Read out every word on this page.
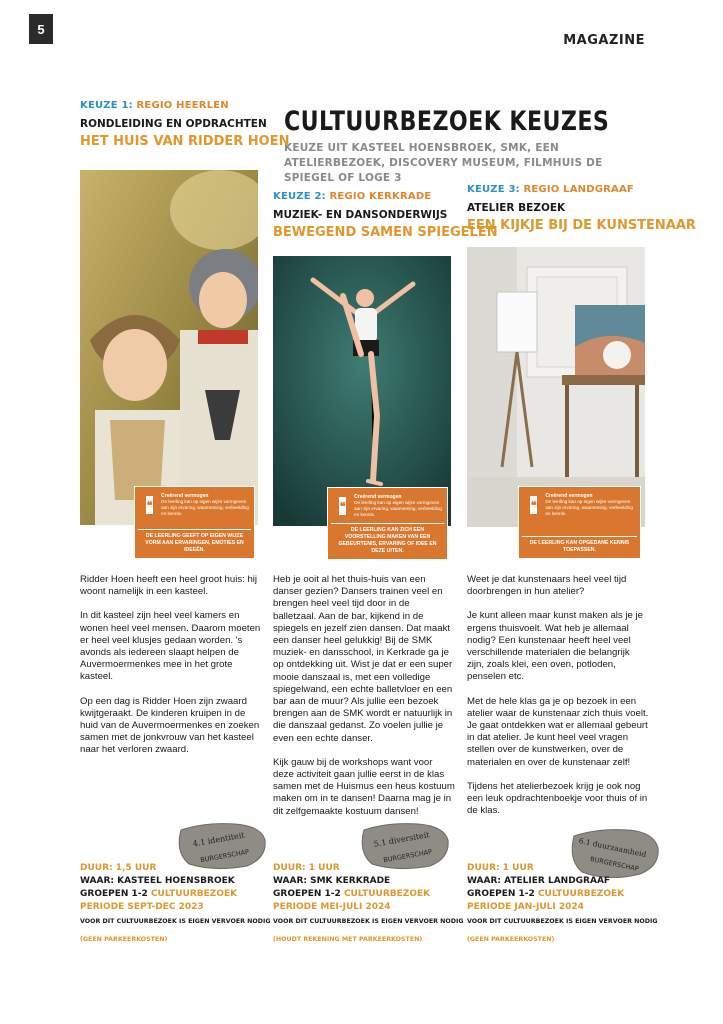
5
MAGAZINE
CULTUURBEZOEK KEUZES
KEUZE UIT KASTEEL HOENSBROEK, SMK, EEN ATELIERBEZOEK, DISCOVERY MUSEUM, FILMHUIS DE SPIEGEL OF LOGE 3
KEUZE 1: REGIO HEERLEN
RONDLEIDING EN OPDRACHTEN
HET HUIS VAN RIDDER HOEN
KEUZE 2: REGIO KERKRADE
MUZIEK- EN DANSONDERWIJS
BEWEGEND SAMEN SPIEGELEN
KEUZE 3: REGIO LANDGRAAF
ATELIER BEZOEK
EEN KIJKJE BIJ DE KUNSTENAAR
❝
Creërend vermogen
De leerling kan op eigen wijze vormgeven aan zijn ervaring, waarneming, verbeelding en kennis.
DE LEERLING GEEFT OP EIGEN WIJZE VORM AAN ERVARINGEN, EMOTIES EN IDEEËN.
❝
Creërend vermogen
De leerling kan op eigen wijze vormgeven aan zijn ervaring, waarneming, verbeelding en kennis.
DE LEERLING KAN ZICH EEN VOORSTELLING MAKEN VAN EEN GEBEURTENIS, ERVARING OF IDEE EN DEZE UITEN.
❝
Creërend vermogen
De leerling kan op eigen wijze vormgeven aan zijn ervaring, waarneming, verbeelding en kennis.
DE LEERLING KAN OPGEDANE KENNIS TOEPASSEN.

Ridder Hoen heeft een heel groot huis: hij woont namelijk in een kasteel.

In dit kasteel zijn heel veel kamers en wonen heel veel mensen. Daarom moeten er heel veel klusjes gedaan worden. 's avonds als iedereen slaapt helpen de Auvermoermenkes mee in het grote kasteel.

Op een dag is Ridder Hoen zijn zwaard kwijtgeraakt. De kinderen kruipen in de huid van de Auvermoermenkes en zoeken samen met de jonkvrouw van het kasteel naar het verloren zwaard.

Heb je ooit al het thuis-huis van een danser gezien? Dansers trainen veel en brengen heel veel tijd door in de balletzaal. Aan de bar, kijkend in de spiegels en jezelf zien dansen. Dat maakt een danser heel gelukkig! Bij de SMK muziek- en dansschool, in Kerkrade ga je op ontdekking uit. Wist je dat er een super mooie danszaal is, met een volledige spiegelwand, een echte balletvloer en een bar aan de muur? Als jullie een bezoek brengen aan de SMK wordt er natuurlijk in die danszaal gedanst. Zo voelen jullie je even een echte danser.

Kijk gauw bij de workshops want voor deze activiteit gaan jullie eerst in de klas samen met de Huismus een heus kostuum maken om in te dansen! Daarna mag je in dit zelfgemaakte kostuum dansen!

Weet je dat kunstenaars heel veel tijd doorbrengen in hun atelier?

Je kunt alleen maar kunst maken als je je ergens thuisvoelt. Wat heb je allemaal nodig? Een kunstenaar heeft heel veel verschillende materialen die belangrijk zijn, zoals klei, een oven, potloden, penselen etc.

Met de hele klas ga je op bezoek in een atelier waar de kunstenaar zich thuis voelt. Je gaat ontdekken wat er allemaal gebeurt in dat atelier. Je kunt heel veel vragen stellen over de kunstwerken, over de materialen en over de kunstenaar zelf!

Tijdens het atelierbezoek krijg je ook nog een leuk opdrachtenboekje voor thuis of in de klas.

4.1 identiteit
BURGERSCHAP
5.1 diversiteit
BURGERSCHAP	6.1 duurzaamheid
BURGERSCHAP
DUUR: 1,5 UUR
WAAR: KASTEEL HOENSBROEK
GROEPEN 1-2 CULTUURBEZOEK
PERIODE SEPT-DEC 2023
VOOR DIT CULTUURBEZOEK IS EIGEN VERVOER NODIG
(GEEN PARKEERKOSTEN)
DUUR: 1 UUR
WAAR: SMK KERKRADE
GROEPEN 1-2 CULTUURBEZOEK
PERIODE MEI-JULI 2024
VOOR DIT CULTUURBEZOEK IS EIGEN VERVOER NODIG
(HOUDT REKENING MET PARKEERKOSTEN)
DUUR: 1 UUR
WAAR: ATELIER LANDGRAAF
GROEPEN 1-2 CULTUURBEZOEK
PERIODE JAN-JULI 2024
VOOR DIT CULTUURBEZOEK IS EIGEN VERVOER NODIG
(GEEN PARKEERKOSTEN)
